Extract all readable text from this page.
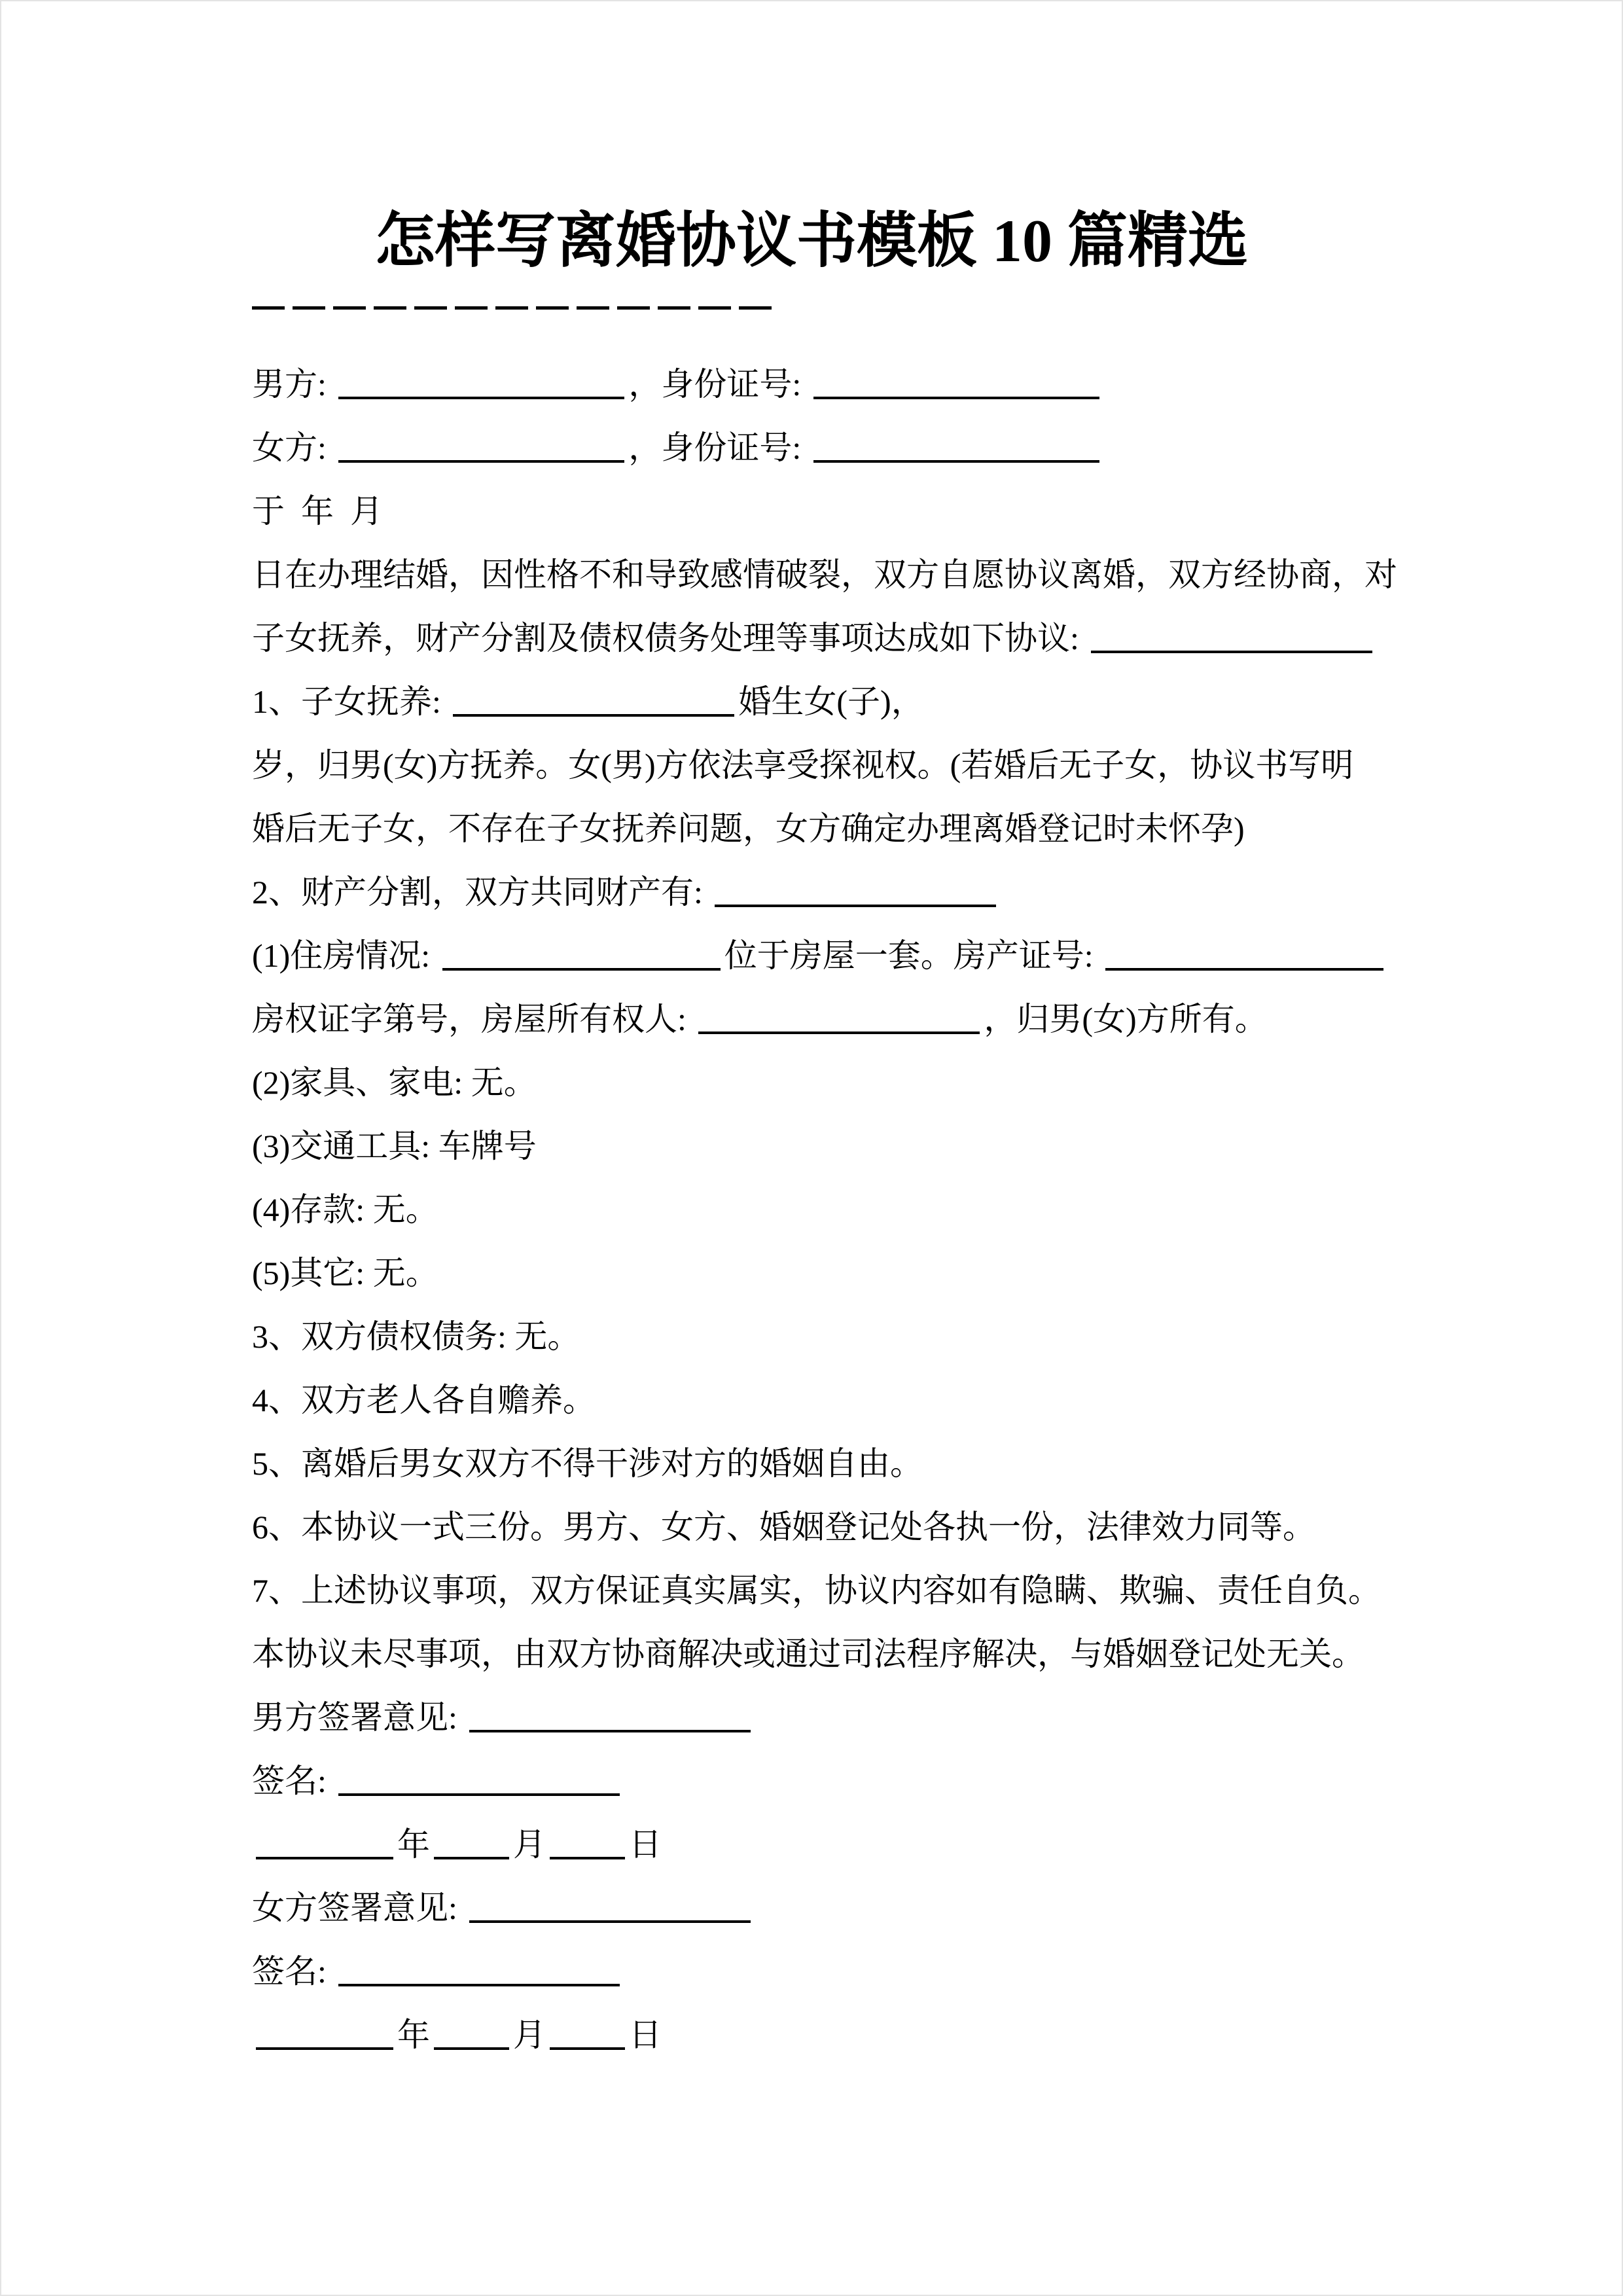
怎样写离婚协议书模板 10 篇精选
男方:	，身份证号:
女方:	，身份证号:
于  年  月
日在办理结婚，因性格不和导致感情破裂，双方自愿协议离婚，双方经协商，对
子女抚养，财产分割及债权债务处理等事项达成如下协议:
1、子女抚养:	婚生女(子)，
岁，归男(女)方抚养。女(男)方依法享受探视权。(若婚后无子女，协议书写明
婚后无子女，不存在子女抚养问题，女方确定办理离婚登记时未怀孕)
2、财产分割，双方共同财产有:
(1)住房情况:	位于房屋一套。房产证号:
房权证字第号，房屋所有权人:	，归男(女)方所有。
(2)家具、家电: 无。
(3)交通工具: 车牌号
(4)存款: 无。
(5)其它: 无。
3、双方债权债务: 无。
4、双方老人各自赡养。
5、离婚后男女双方不得干涉对方的婚姻自由。
6、本协议一式三份。男方、女方、婚姻登记处各执一份，法律效力同等。
7、上述协议事项，双方保证真实属实，协议内容如有隐瞒、欺骗、责任自负。
本协议未尽事项，由双方协商解决或通过司法程序解决，与婚姻登记处无关。
男方签署意见:
签名:
年	月	日
女方签署意见:
签名:
年	月	日
